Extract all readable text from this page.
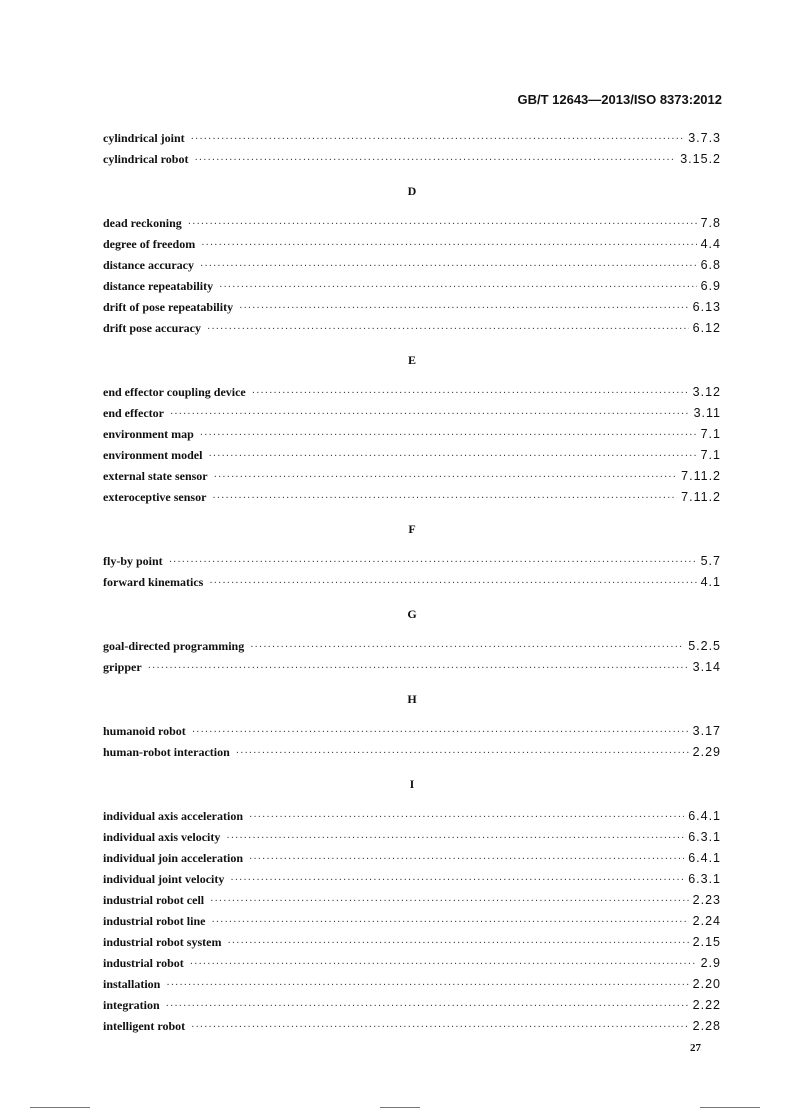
GB/T 12643—2013/ISO 8373:2012
cylindrical joint ·····	3.7.3
cylindrical robot ·····	3.15.2
D
dead reckoning ·····	7.8
degree of freedom ·····	4.4
distance accuracy ·····	6.8
distance repeatability ·····	6.9
drift of pose repeatability ·····	6.13
drift pose accuracy ·····	6.12
E
end effector coupling device ·····	3.12
end effector ·····	3.11
environment map ·····	7.1
environment model ·····	7.1
external state sensor ·····	7.11.2
exteroceptive sensor ·····	7.11.2
F
fly-by point ·····	5.7
forward kinematics ·····	4.1
G
goal-directed programming ·····	5.2.5
gripper ·····	3.14
H
humanoid robot ·····	3.17
human-robot interaction ·····	2.29
I
individual axis acceleration ·····	6.4.1
individual axis velocity ·····	6.3.1
individual join acceleration ·····	6.4.1
individual joint velocity ·····	6.3.1
industrial robot cell ·····	2.23
industrial robot line ·····	2.24
industrial robot system ·····	2.15
industrial robot ·····	2.9
installation ·····	2.20
integration ·····	2.22
intelligent robot ·····	2.28
27
